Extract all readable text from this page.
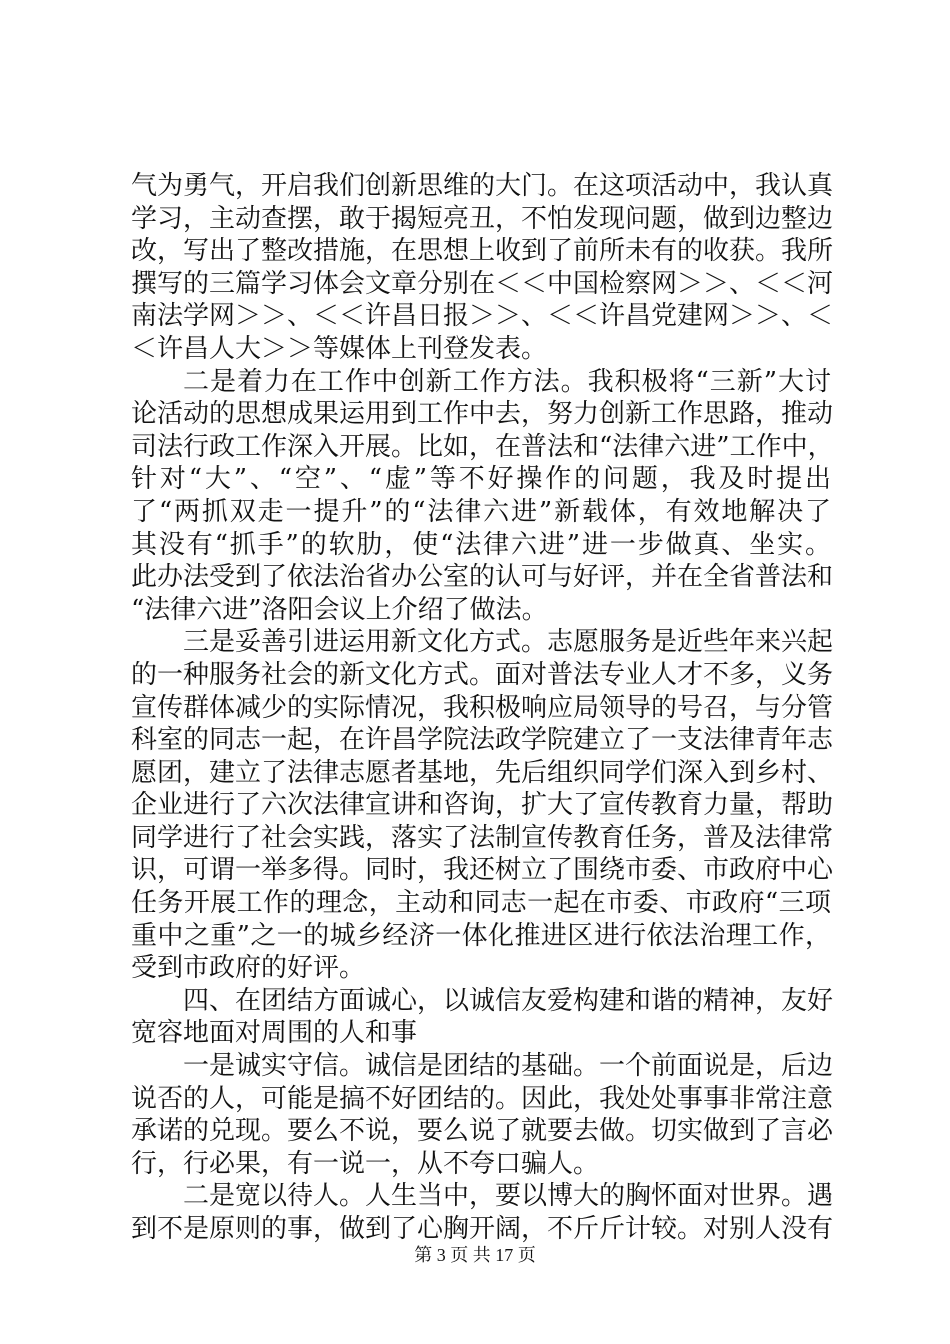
气为勇气，开启我们创新思维的大门。在这项活动中，我认真
学习，主动查摆，敢于揭短亮丑，不怕发现问题，做到边整边
改，写出了整改措施，在思想上收到了前所未有的收获。我所
撰写的三篇学习体会文章分别在＜＜中国检察网＞＞、＜＜河
南法学网＞＞、＜＜许昌日报＞＞、＜＜许昌党建网＞＞、＜
＜许昌人大＞＞等媒体上刊登发表。
二是着力在工作中创新工作方法。我积极将“三新”大讨
论活动的思想成果运用到工作中去，努力创新工作思路，推动
司法行政工作深入开展。比如，在普法和“法律六进”工作中，
针对“大”、“空”、“虚”等不好操作的问题，我及时提出
了“两抓双走一提升”的“法律六进”新载体，有效地解决了
其没有“抓手”的软肋，使“法律六进”进一步做真、坐实。
此办法受到了依法治省办公室的认可与好评，并在全省普法和
“法律六进”洛阳会议上介绍了做法。
三是妥善引进运用新文化方式。志愿服务是近些年来兴起
的一种服务社会的新文化方式。面对普法专业人才不多，义务
宣传群体减少的实际情况，我积极响应局领导的号召，与分管
科室的同志一起，在许昌学院法政学院建立了一支法律青年志
愿团，建立了法律志愿者基地，先后组织同学们深入到乡村、
企业进行了六次法律宣讲和咨询，扩大了宣传教育力量，帮助
同学进行了社会实践，落实了法制宣传教育任务，普及法律常
识，可谓一举多得。同时，我还树立了围绕市委、市政府中心
任务开展工作的理念，主动和同志一起在市委、市政府“三项
重中之重”之一的城乡经济一体化推进区进行依法治理工作，
受到市政府的好评。
四、在团结方面诚心，以诚信友爱构建和谐的精神，友好
宽容地面对周围的人和事
一是诚实守信。诚信是团结的基础。一个前面说是，后边
说否的人，可能是搞不好团结的。因此，我处处事事非常注意
承诺的兑现。要么不说，要么说了就要去做。切实做到了言必
行，行必果，有一说一，从不夸口骗人。
二是宽以待人。人生当中，要以博大的胸怀面对世界。遇
到不是原则的事，做到了心胸开阔，不斤斤计较。对别人没有
第 3 页 共 17 页
